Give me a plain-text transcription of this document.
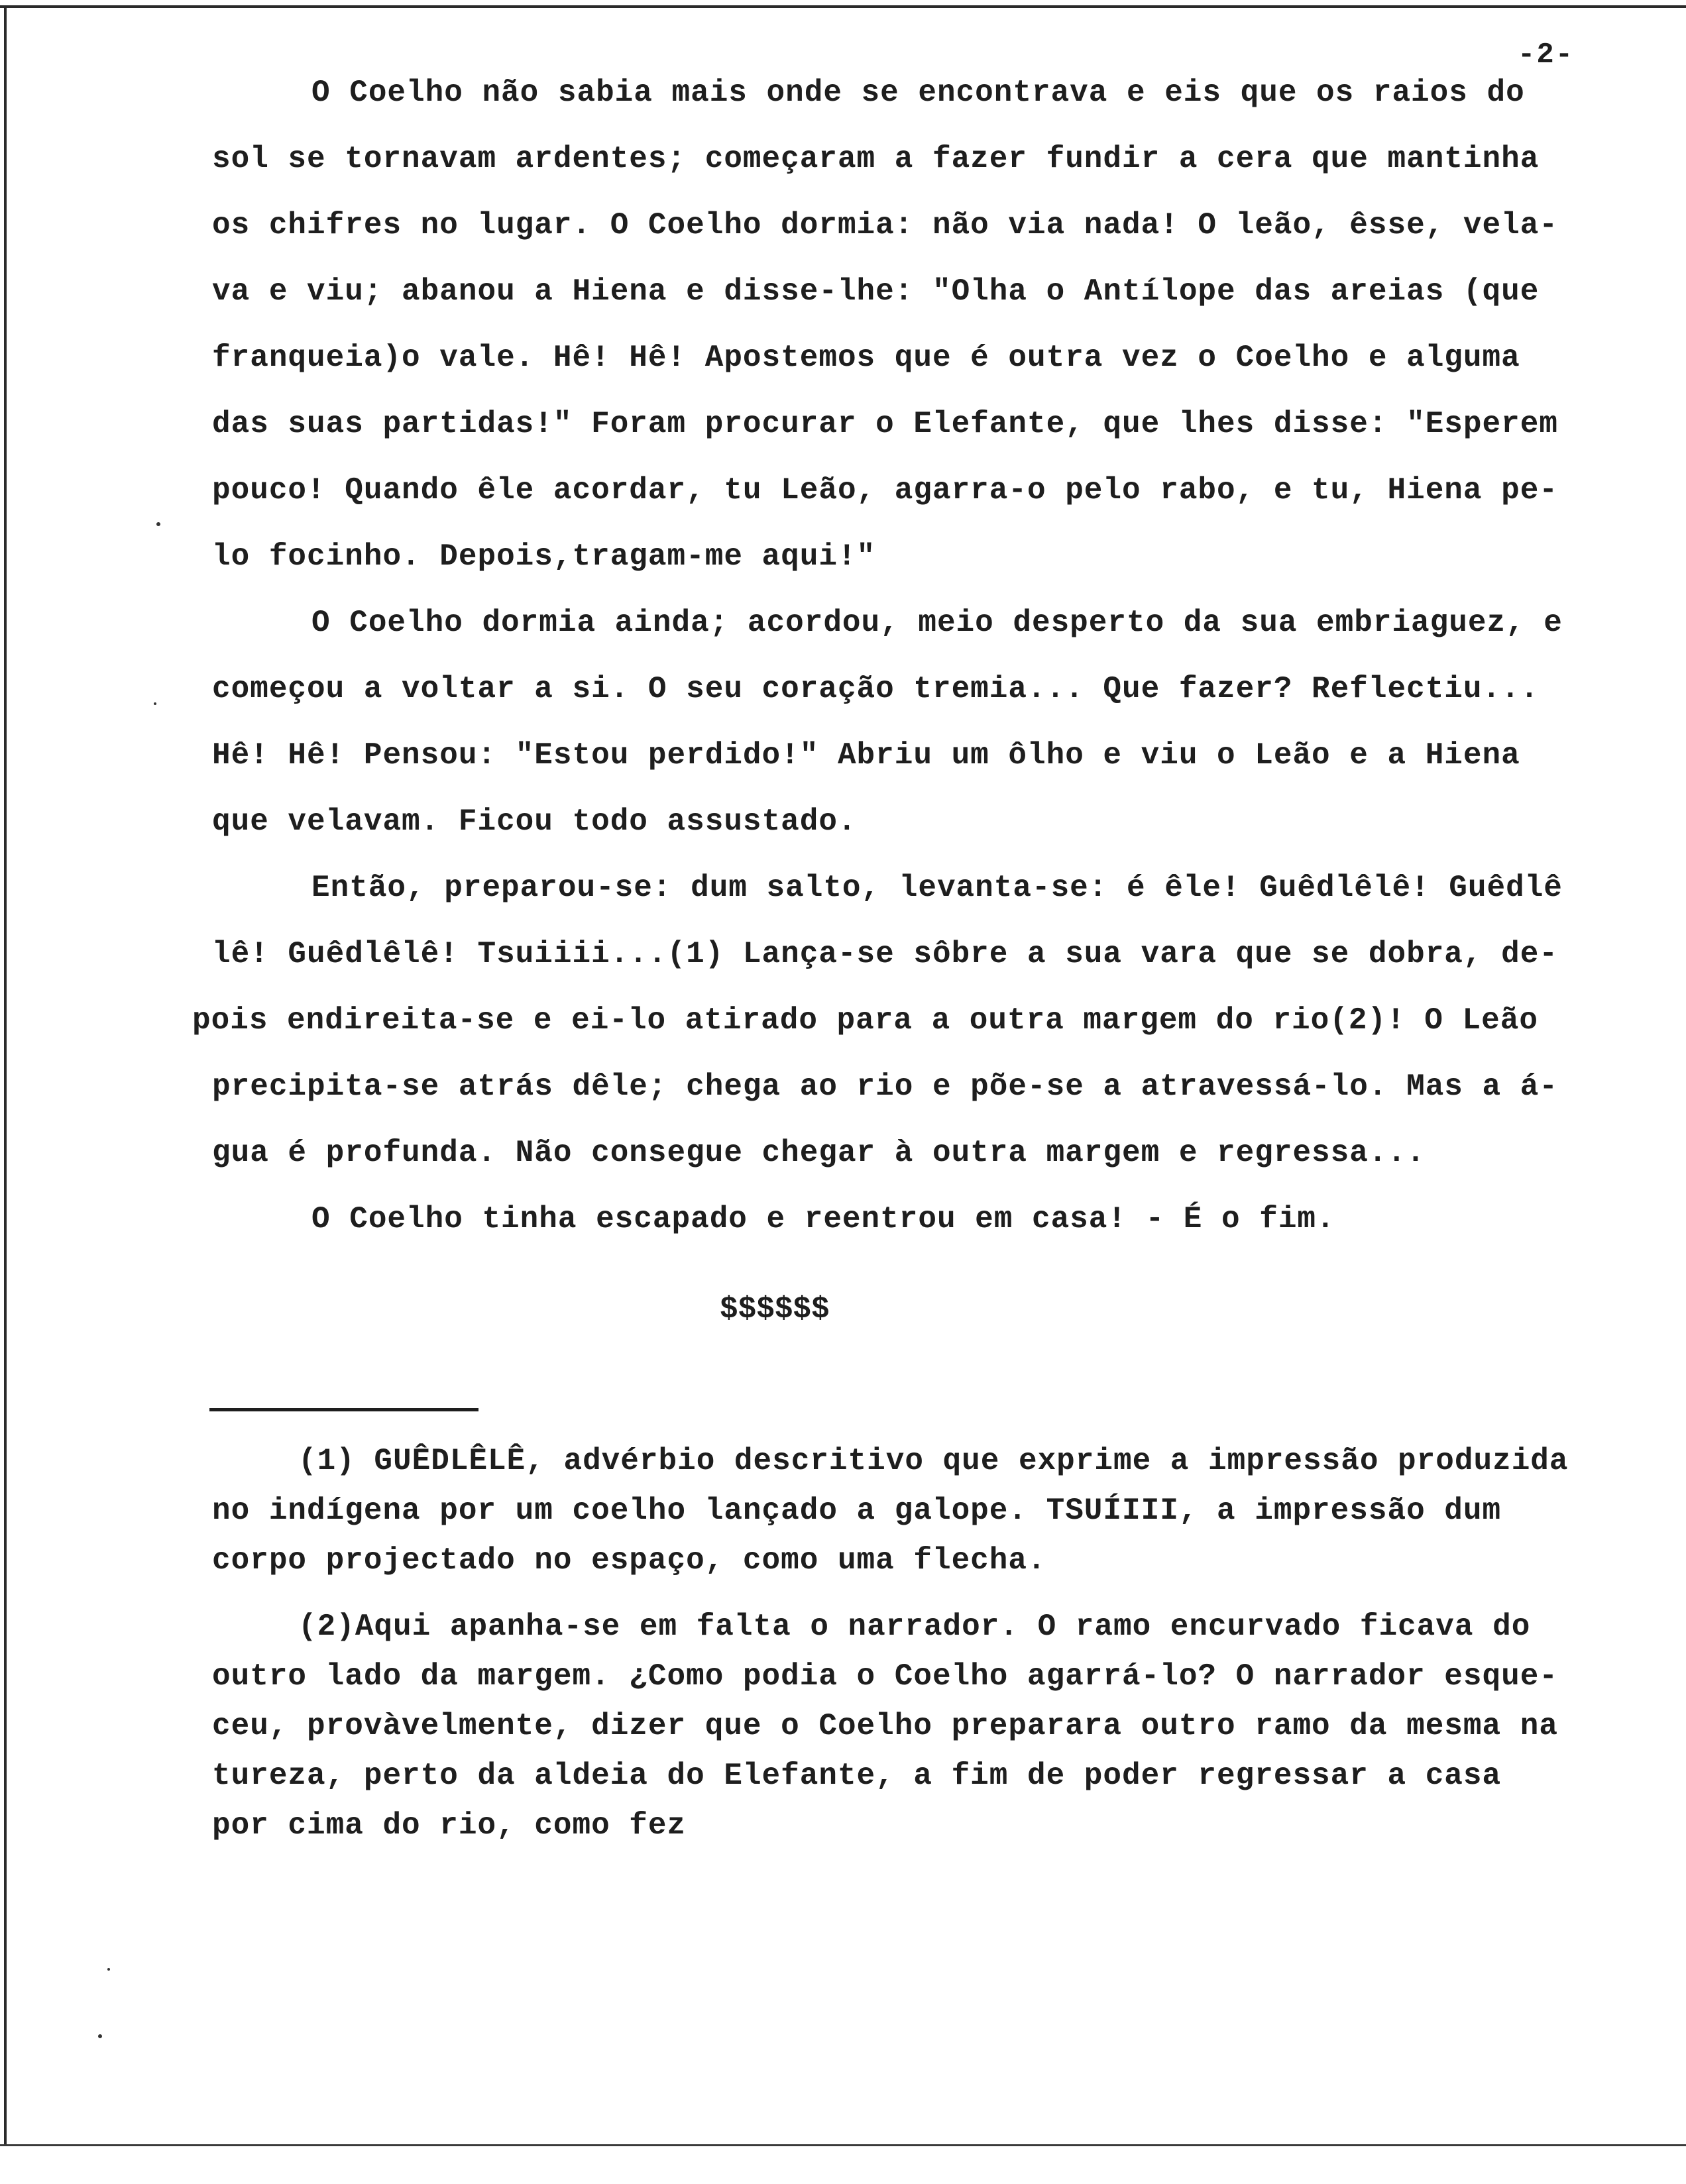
-2-
O Coelho não sabia mais onde se encontrava e eis que os raios do
sol se tornavam ardentes; começaram a fazer fundir a cera que mantinha
os chifres no lugar. O Coelho dormia: não via nada! O leão, êsse, vela-
va e viu; abanou a Hiena e disse-lhe: "Olha o Antílope das areias (que
franqueia)o vale. Hê! Hê! Apostemos que é outra vez o Coelho e alguma
das suas partidas!" Foram procurar o Elefante, que lhes disse: "Esperem
pouco! Quando êle acordar, tu Leão, agarra-o pelo rabo, e tu, Hiena pe-
lo focinho. Depois,tragam-me aqui!"
O Coelho dormia ainda; acordou, meio desperto da sua embriaguez, e
começou a voltar a si. O seu coração tremia... Que fazer? Reflectiu...
Hê! Hê! Pensou: "Estou perdido!" Abriu um ôlho e viu o Leão e a Hiena
que velavam. Ficou todo assustado.
Então, preparou-se: dum salto, levanta-se: é êle! Guêdlêlê! Guêdlê
lê! Guêdlêlê! Tsuiiii...(1) Lança-se sôbre a sua vara que se dobra, de-
pois endireita-se e ei-lo atirado para a outra margem do rio(2)! O Leão
precipita-se atrás dêle; chega ao rio e põe-se a atravessá-lo. Mas a á-
gua é profunda. Não consegue chegar à outra margem e regressa...
O Coelho tinha escapado e reentrou em casa! - É o fim.
$$$$$$
(1) GUÊDLÊLÊ, advérbio descritivo que exprime a impressão produzida
no indígena por um coelho lançado a galope. TSUÍIII, a impressão dum
corpo projectado no espaço, como uma flecha.
(2)Aqui apanha-se em falta o narrador. O ramo encurvado ficava do
outro lado da margem. ¿Como podia o Coelho agarrá-lo? O narrador esque-
ceu, provàvelmente, dizer que o Coelho preparara outro ramo da mesma na
tureza, perto da aldeia do Elefante, a fim de poder regressar a casa
por cima do rio, como fez
